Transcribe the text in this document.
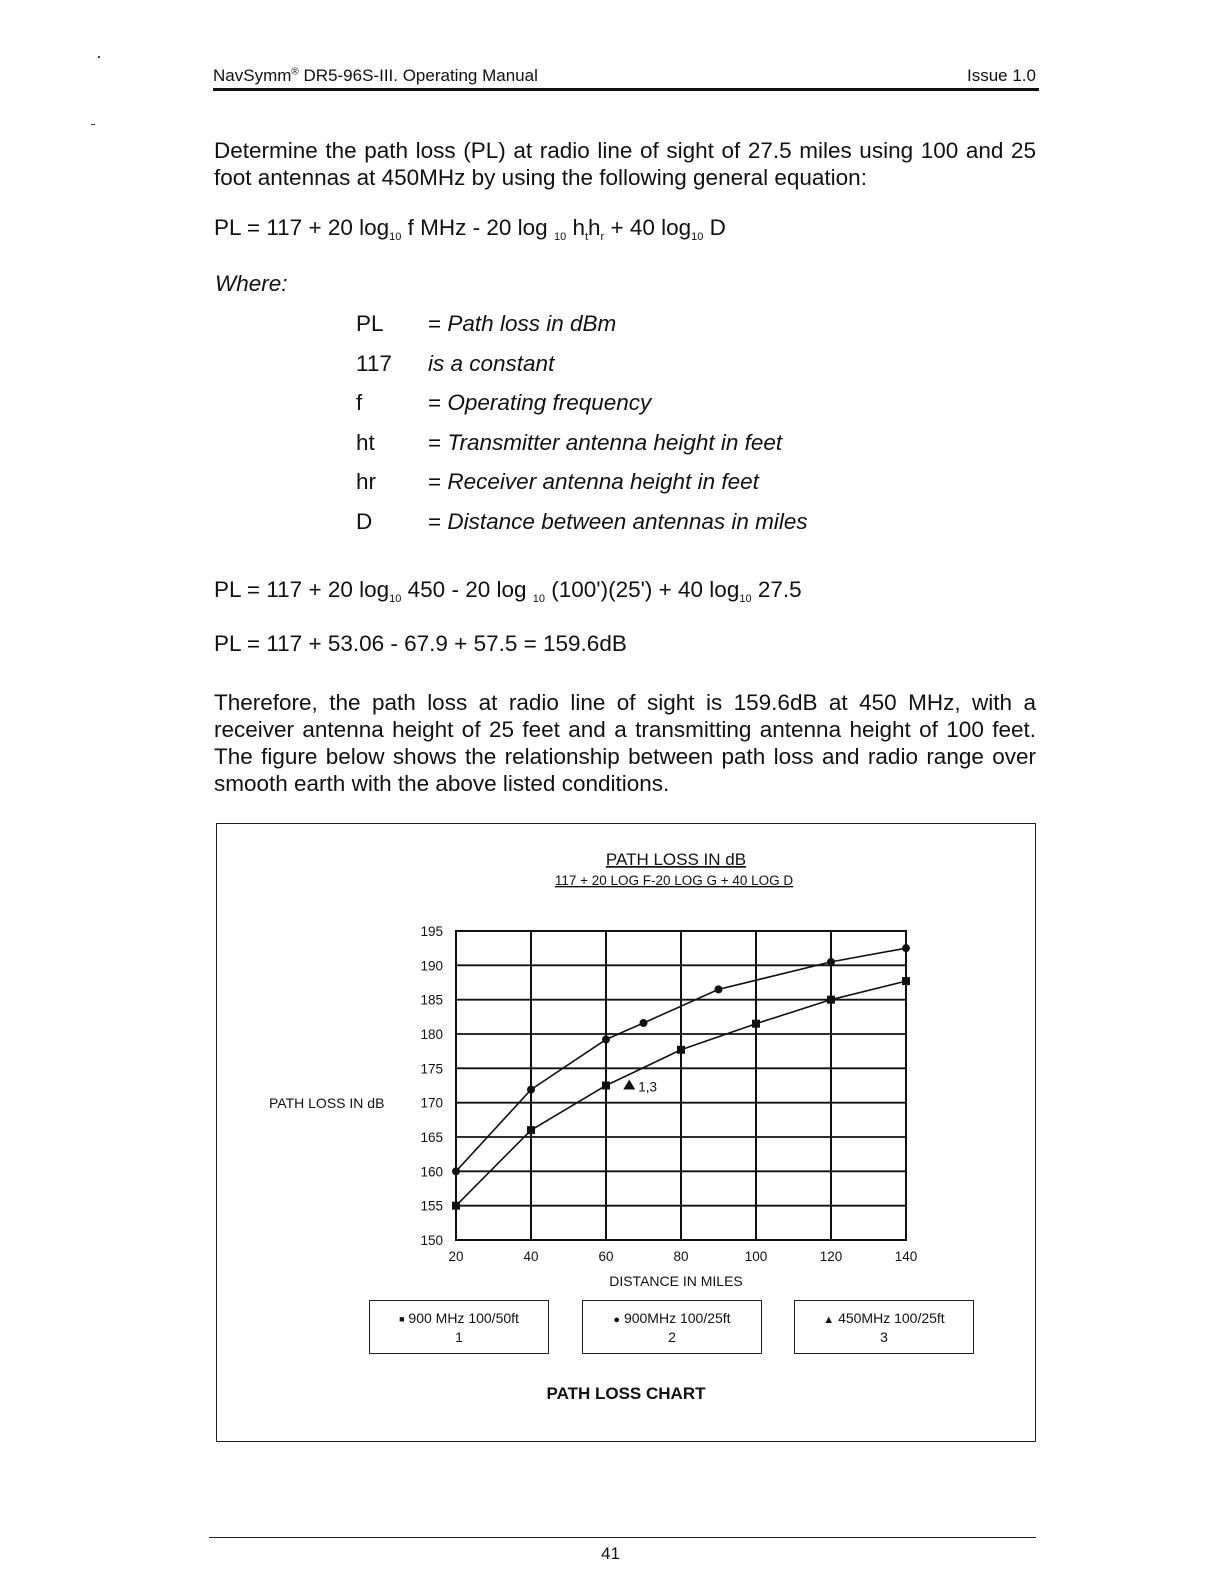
NavSymm® DR5-96S-III. Operating Manual	Issue 1.0
Determine the path loss (PL) at radio line of sight of 27.5 miles using 100 and 25 foot antennas at 450MHz by using the following general equation:
PL = 117 + 20 $\log_{10} f$ MHz - 20 log $_{10}$ $h_th_r + 40$ $\log_{10} D$
Where:
PL = Path loss in dBm
117 is a constant
f	= Operating frequency
ht = Transmitter antenna height in feet
hr = Receiver antenna height in feet
D = Distance between antennas in miles
PL = 117 + 20 $\log_{10} 450 - 20$ log $_{10}$ (100')(25') + 40 $\log_{10} 27.5$
PL = 117 + 53.06 - 67.9 + 57.5 = 159.6dB
Therefore, the path loss at radio line of sight is 159.6dB at 450 MHz, with a receiver antenna height of 25 feet and a transmitting antenna height of 100 feet. The figure below shows the relationship between path loss and radio range over smooth earth with the above listed conditions.
PATH LOSS IN dB
117 + 20 LOG F-20 LOG G + 40 LOG D
150
155
160
165
170
175
180
185
190
195
20	40	60	80	100	120	140
DISTANCE IN MILES
PATH LOSS IN dB
1,3
■ 900 MHz 100/50ft
1
● 900MHz 100/25ft
2
▲ 450MHz 100/25ft
3
PATH LOSS CHART
41
